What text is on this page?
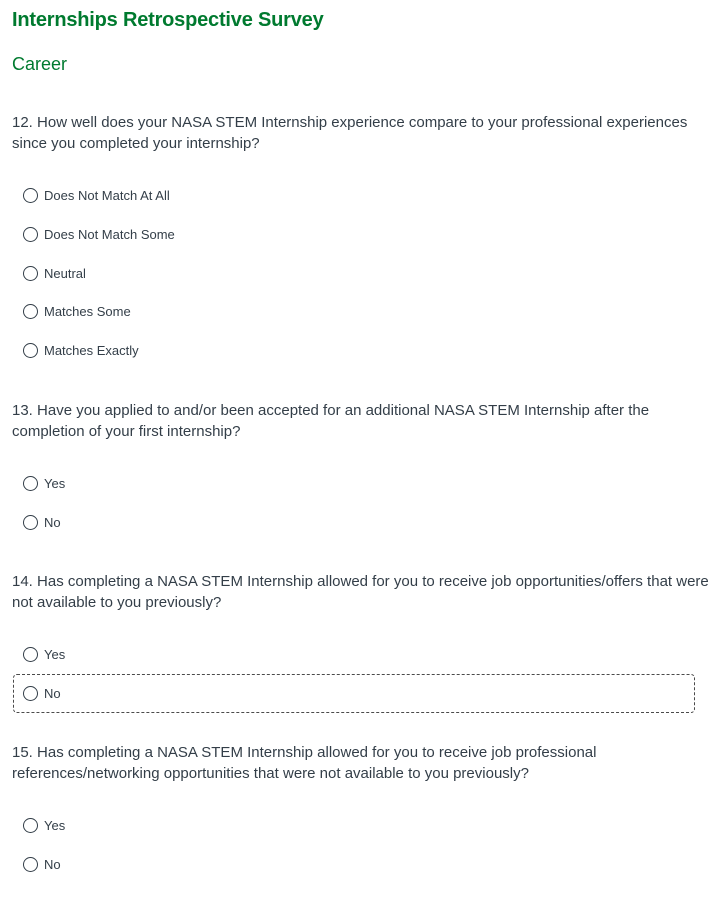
Internships Retrospective Survey
Career

12. How well does your NASA STEM Internship experience compare to your professional experiences since you completed your internship?

Does Not Match At All
Does Not Match Some
Neutral
Matches Some
Matches Exactly

13. Have you applied to and/or been accepted for an additional NASA STEM Internship after the completion of your first internship?

Yes
No

14. Has completing a NASA STEM Internship allowed for you to receive job opportunities/offers that were not available to you previously?

Yes
No

15. Has completing a NASA STEM Internship allowed for you to receive job professional references/networking opportunities that were not available to you previously?

Yes
No
